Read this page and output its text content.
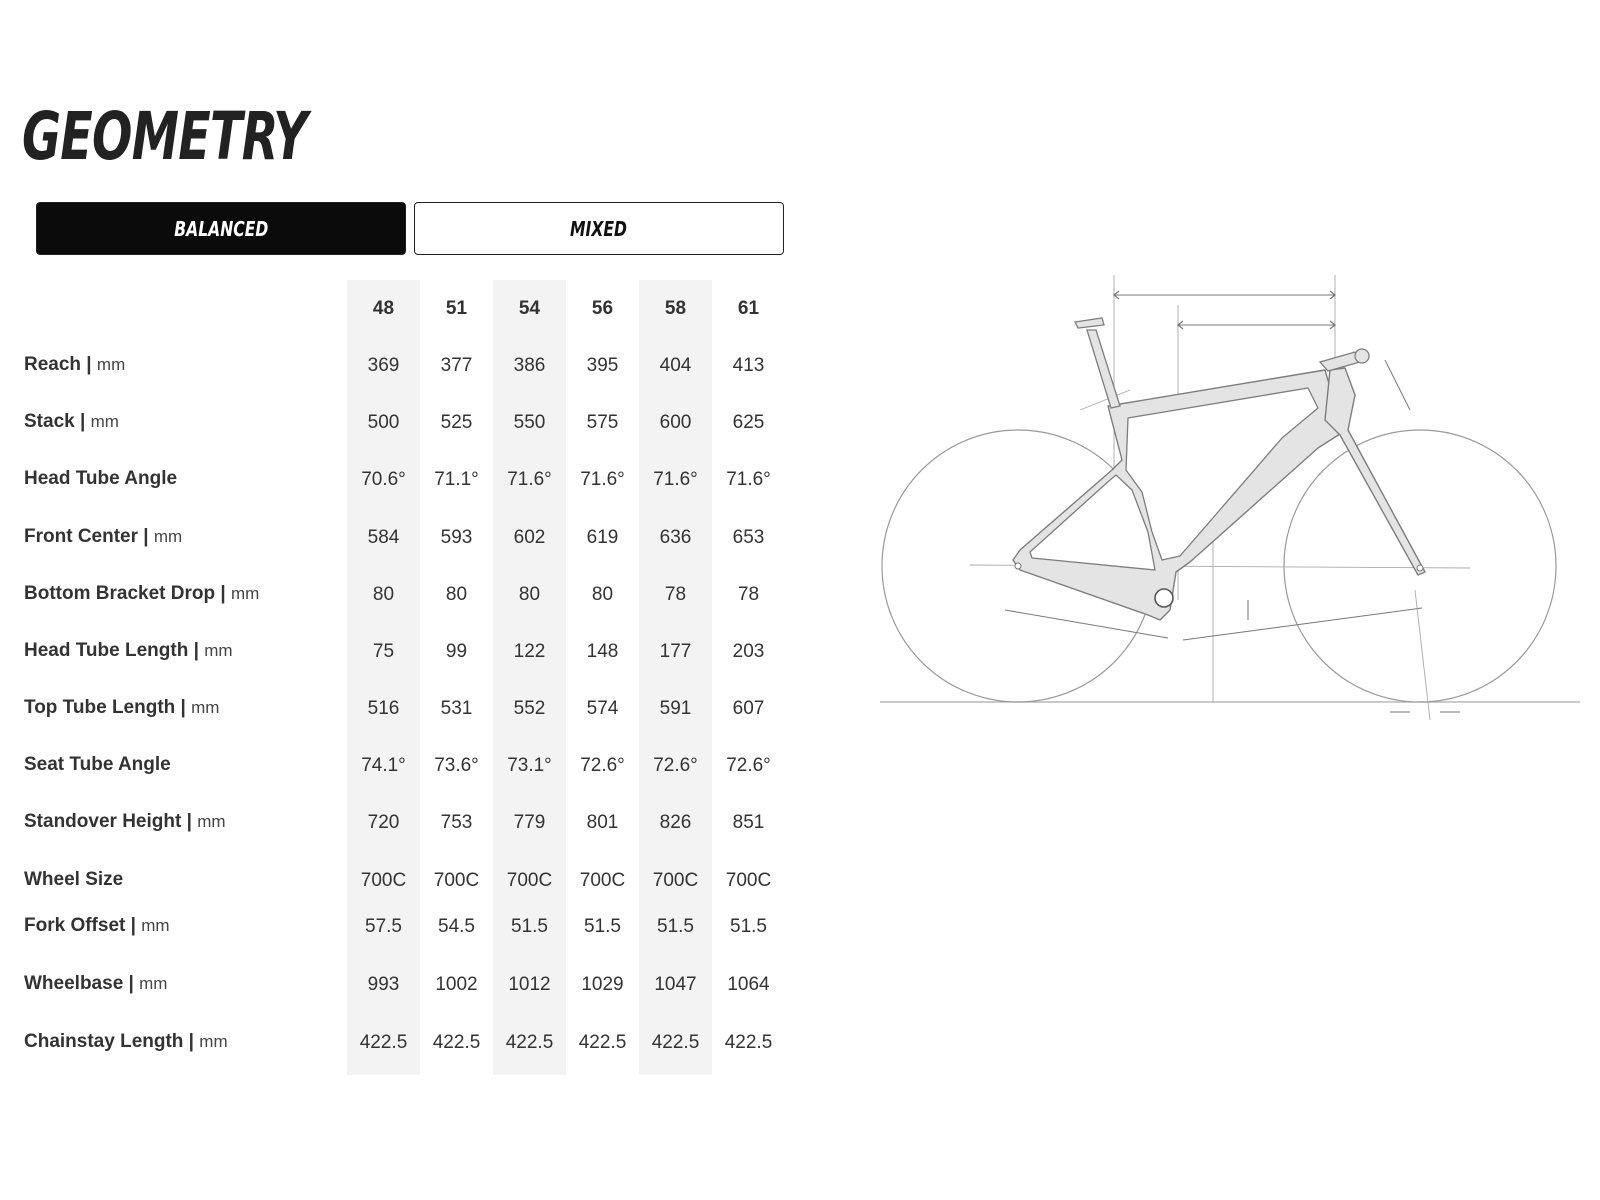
GEOMETRY
BALANCED	MIXED
48	51	54	56	58	61
Reach | mm	369	377	386	395	404	413
Stack | mm	500	525	550	575	600	625
Head Tube Angle	70.6°	71.1°	71.6°	71.6°	71.6°	71.6°
Front Center | mm	584	593	602	619	636	653
Bottom Bracket Drop | mm	80	80	80	80	78	78
Head Tube Length | mm	75	99	122	148	177	203
Top Tube Length | mm	516	531	552	574	591	607
Seat Tube Angle	74.1°	73.6°	73.1°	72.6°	72.6°	72.6°
Standover Height | mm	720	753	779	801	826	851
Wheel Size	700C	700C	700C	700C	700C	700C
Fork Offset | mm	57.5	54.5	51.5	51.5	51.5	51.5
Wheelbase | mm	993	1002	1012	1029	1047	1064
Chainstay Length | mm	422.5	422.5	422.5	422.5	422.5	422.5
